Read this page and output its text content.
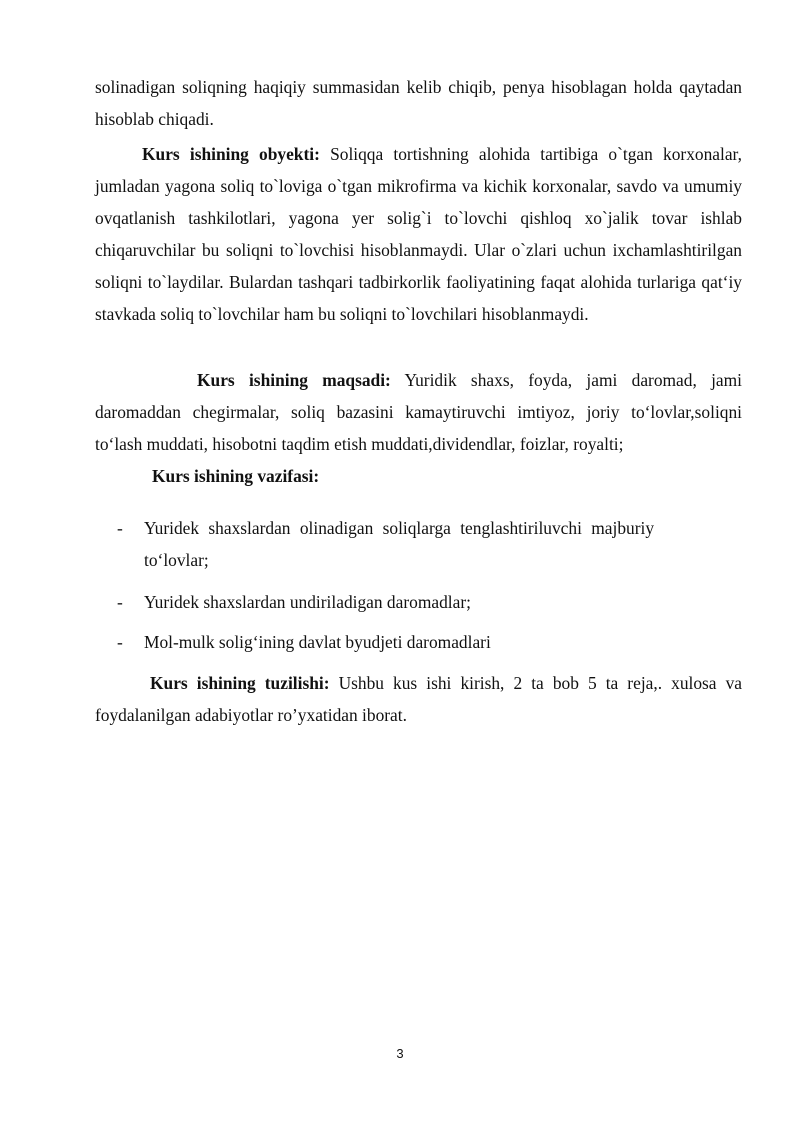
solinadigan soliqning haqiqiy summasidan kelib chiqib, penya hisoblagan holda qaytadan hisoblab chiqadi.

Kurs ishining obyekti: Soliqqa tortishning alohida tartibiga o`tgan korxonalar, jumladan yagona soliq to`loviga o`tgan mikrofirma va kichik korxonalar, savdo va umumiy ovqatlanish tashkilotlari, yagona yer solig`i to`lovchi qishloq xo`jalik tovar ishlab chiqaruvchilar bu soliqni to`lovchisi hisoblanmaydi. Ular o`zlari uchun ixchamlashtirilgan soliqni to`laydilar. Bulardan tashqari tadbirkorlik faoliyatining faqat alohida turlariga qat‘iy stavkada soliq to`lovchilar ham bu soliqni to`lovchilari hisoblanmaydi.

Kurs ishining maqsadi: Yuridik shaxs, foyda, jami daromad, jami daromaddan chegirmalar, soliq bazasini kamaytiruvchi imtiyoz, joriy to‘lovlar,soliqni to‘lash muddati, hisobotni taqdim etish muddati,dividendlar, foizlar, royalti;

Kurs ishining vazifasi:

- Yuridek shaxslardan olinadigan soliqlarga tenglashtiriluvchi majburiy to‘lovlar;
- Yuridek shaxslardan undiriladigan daromadlar;
- Mol-mulk solig‘ining davlat byudjeti daromadlari

Kurs ishining tuzilishi: Ushbu kus ishi kirish, 2 ta bob 5 ta reja,. xulosa va foydalanilgan adabiyotlar ro’yxatidan iborat.

3
